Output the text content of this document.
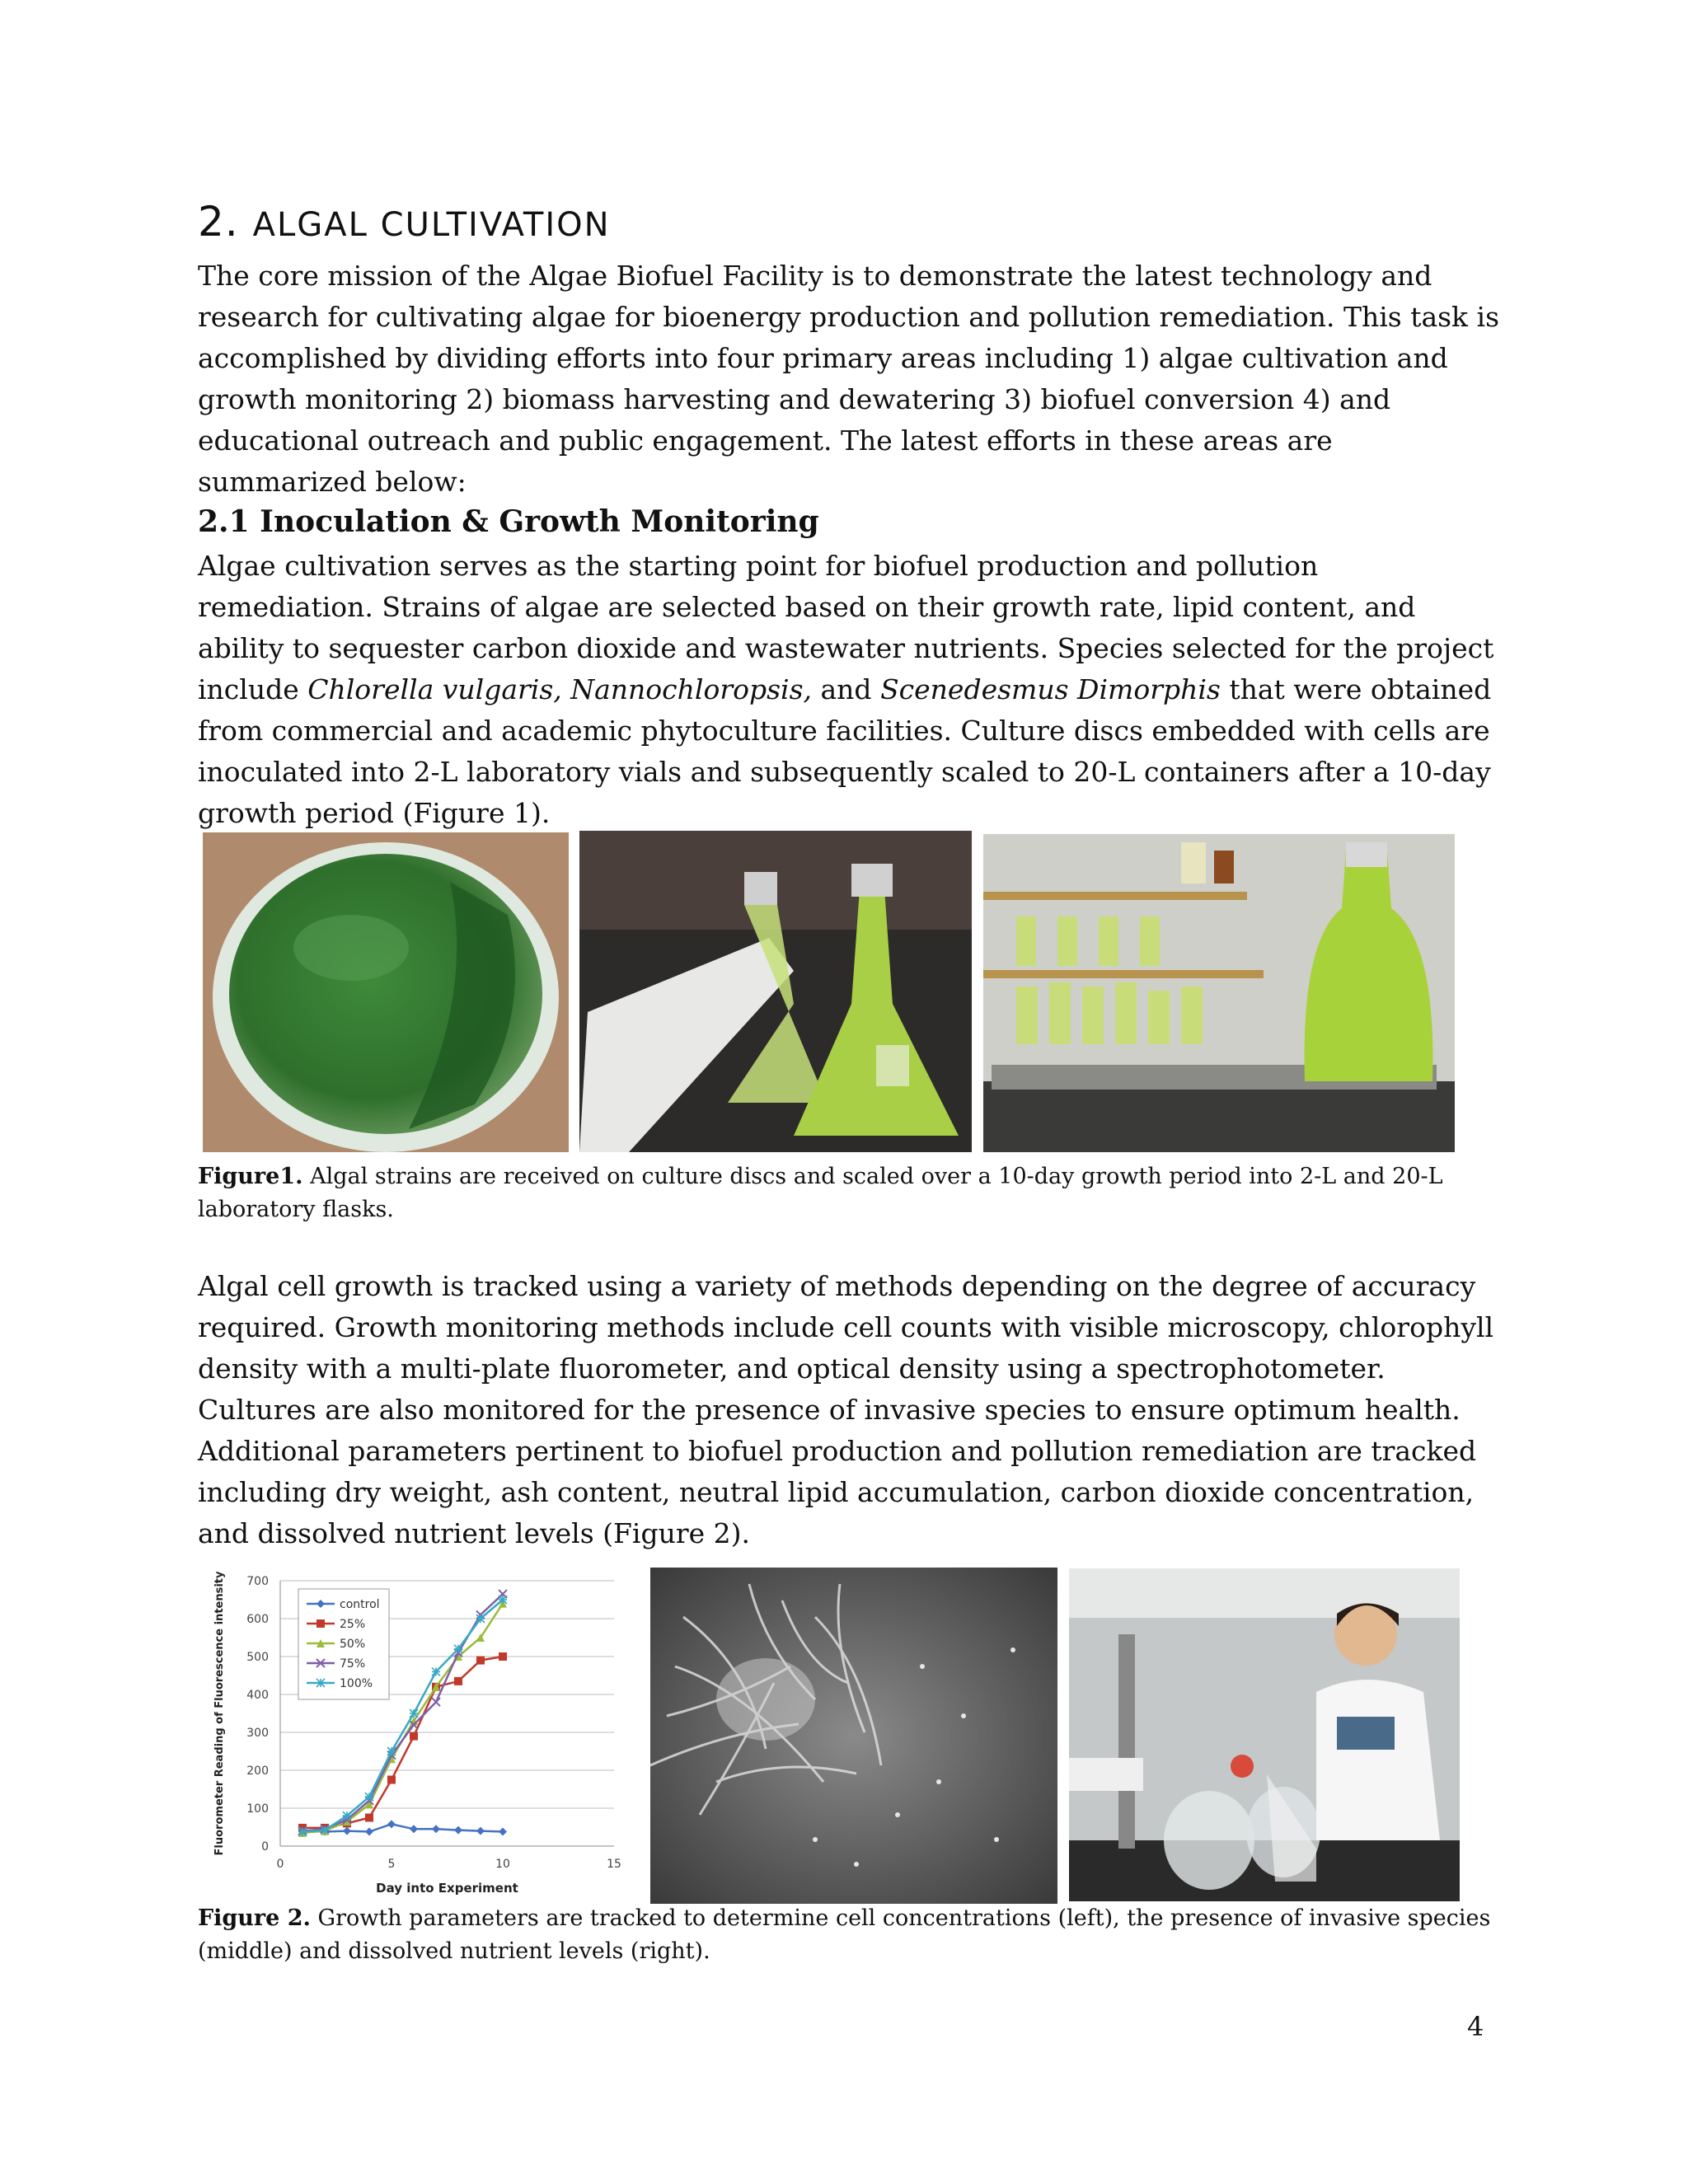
2. ALGAL CULTIVATION

The core mission of the Algae Biofuel Facility is to demonstrate the latest technology and research for cultivating algae for bioenergy production and pollution remediation. This task is accomplished by dividing efforts into four primary areas including 1) algae cultivation and growth monitoring 2) biomass harvesting and dewatering 3) biofuel conversion 4) and educational outreach and public engagement. The latest efforts in these areas are summarized below:

2.1 Inoculation & Growth Monitoring

Algae cultivation serves as the starting point for biofuel production and pollution remediation. Strains of algae are selected based on their growth rate, lipid content, and ability to sequester carbon dioxide and wastewater nutrients. Species selected for the project include Chlorella vulgaris, Nannochloropsis, and Scenedesmus Dimorphis that were obtained from commercial and academic phytoculture facilities. Culture discs embedded with cells are inoculated into 2-L laboratory vials and subsequently scaled to 20-L containers after a 10-day growth period (Figure 1).

Figure1. Algal strains are received on culture discs and scaled over a 10-day growth period into 2-L and 20-L laboratory flasks.

Algal cell growth is tracked using a variety of methods depending on the degree of accuracy required. Growth monitoring methods include cell counts with visible microscopy, chlorophyll density with a multi-plate fluorometer, and optical density using a spectrophotometer. Cultures are also monitored for the presence of invasive species to ensure optimum health. Additional parameters pertinent to biofuel production and pollution remediation are tracked including dry weight, ash content, neutral lipid accumulation, carbon dioxide concentration, and dissolved nutrient levels (Figure 2).

0
100
200
300
400
500
600
700
0	5	10	15
Day into Experiment
Fluorometer Reading of Fluorescence intensity	control
25%
50%
75%
100%

Figure 2. Growth parameters are tracked to determine cell concentrations (left), the presence of invasive species (middle) and dissolved nutrient levels (right).

4
